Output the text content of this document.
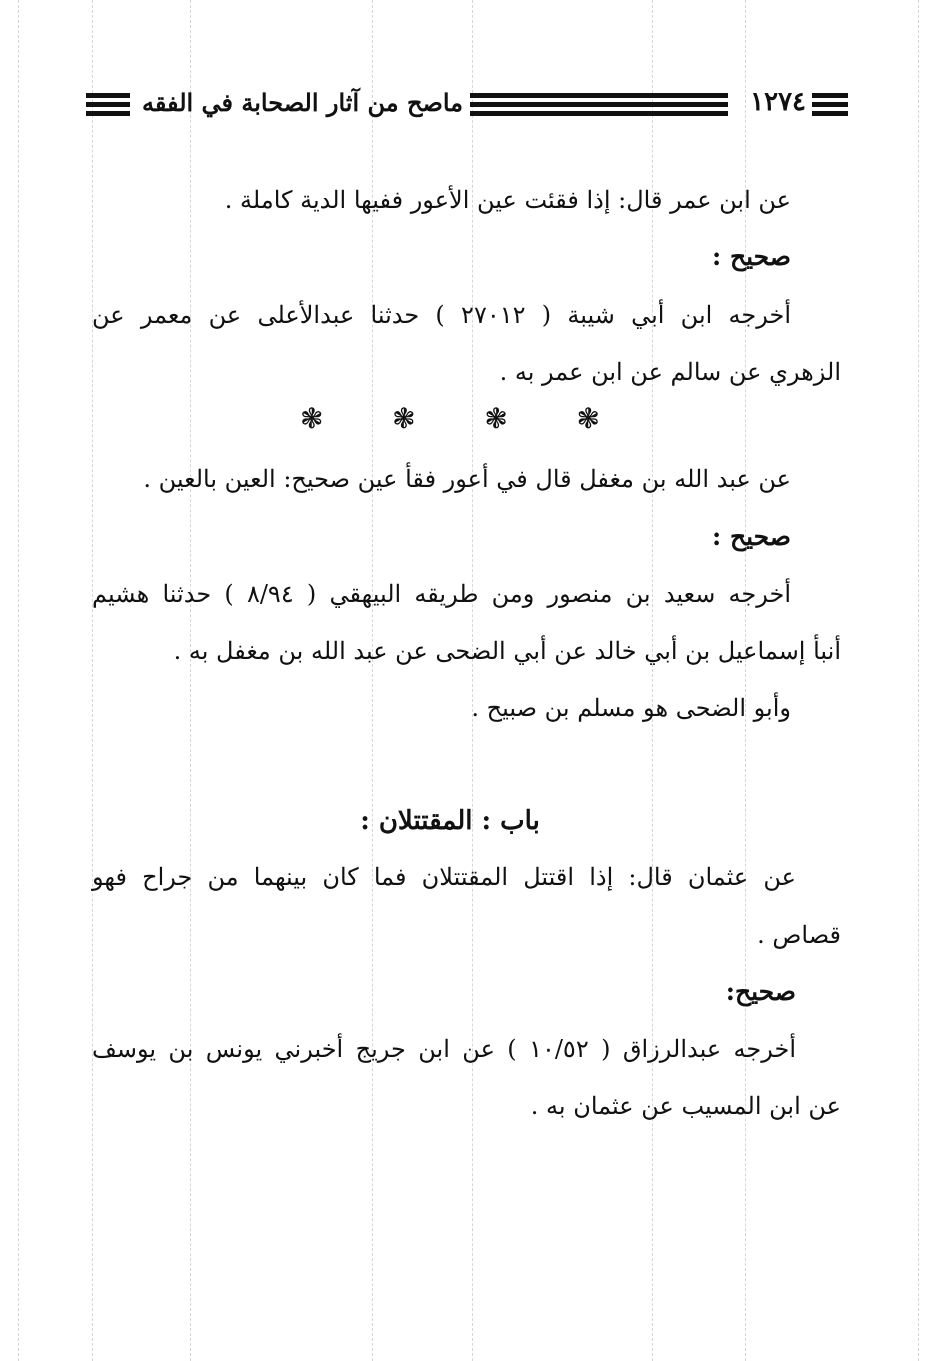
١٢٧٤
ماصح من آثار الصحابة في الفقه
عن ابن عمر قال: إذا فقئت عين الأعور ففيها الدية كاملة .
صحيح :
أخرجه ابن أبي شيبة ( ٢٧٠١٢ ) حدثنا عبدالأعلى عن معمر عن
الزهري عن سالم عن ابن عمر به .
❃ ❃ ❃ ❃
عن عبد الله بن مغفل قال في أعور فقأ عين صحيح: العين بالعين .
صحيح :
أخرجه سعيد بن منصور ومن طريقه البيهقي ( ٨/٩٤ ) حدثنا هشيم
أنبأ إسماعيل بن أبي خالد عن أبي الضحى عن عبد الله بن مغفل به .
وأبو الضحى هو مسلم بن صبيح .
باب : المقتتلان :
عن عثمان قال: إذا اقتتل المقتتلان فما كان بينهما من جراح فهو
قصاص .
صحيح:
أخرجه عبدالرزاق ( ١٠/٥٢ ) عن ابن جريج أخبرني يونس بن يوسف
عن ابن المسيب عن عثمان به .
